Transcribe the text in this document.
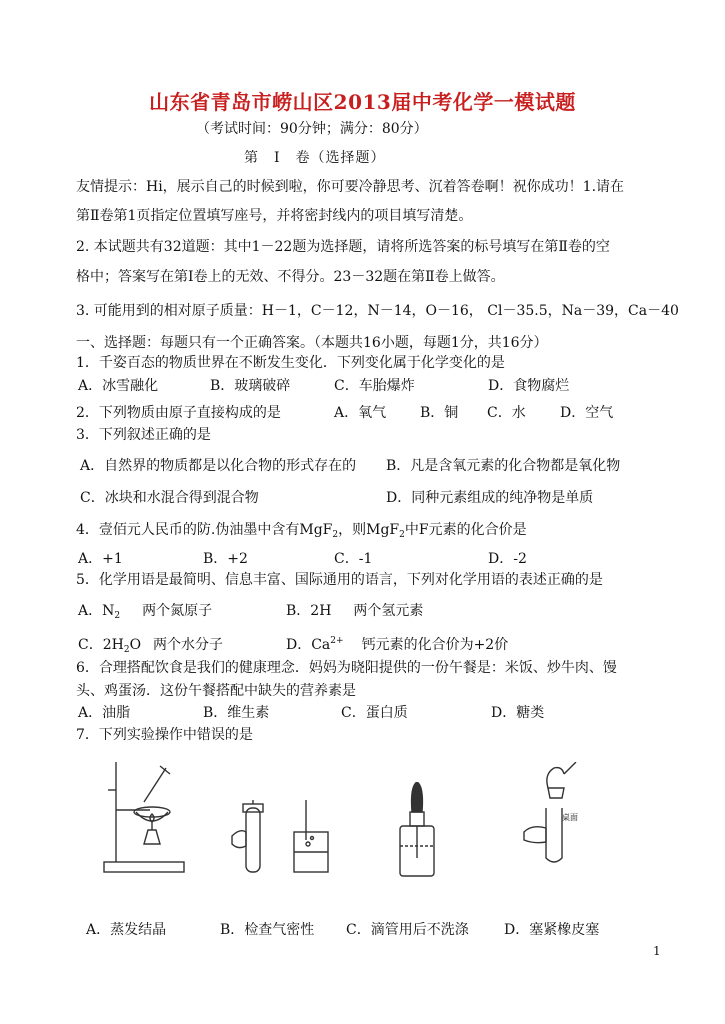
山东省青岛市崂山区2013届中考化学一模试题
（考试时间：90分钟；满分：80分）
第　Ⅰ　卷（选择题）
友情提示：Hi，展示自己的时候到啦，你可要冷静思考、沉着答卷啊！祝你成功！1.请在
第Ⅱ卷第1页指定位置填写座号，并将密封线内的项目填写清楚。
2. 本试题共有32道题：其中1－22题为选择题，请将所选答案的标号填写在第Ⅱ卷的空
格中；答案写在第Ⅰ卷上的无效、不得分。23－32题在第Ⅱ卷上做答。
3. 可能用到的相对原子质量：H－1，C－12，N－14，O－16， Cl－35.5，Na－39，Ca－40
一、选择题：每题只有一个正确答案。（本题共16小题，每题1分，共16分）
1．千姿百态的物质世界在不断发生变化．下列变化属于化学变化的是
A．冰雪融化	B．玻璃破碎	C．车胎爆炸	D．食物腐烂
2．下列物质由原子直接构成的是	A．氧气 B．铜 C．水 D．空气
3．下列叙述正确的是
A．自然界的物质都是以化合物的形式存在的 B．凡是含氧元素的化合物都是氧化物
C．冰块和水混合得到混合物	D．同种元素组成的纯净物是单质
4．壹佰元人民币的防.伪油墨中含有MgF$_2$，则MgF$_2$中F元素的化合价是
A．+1	B．+2	C．-1	D．-2
5．化学用语是最简明、信息丰富、国际通用的语言，下列对化学用语的表述正确的是
A．$N_2$ 两个氮原子	B．2H 两个氢元素
C．$2H_2O$ 两个水分子	D．$Ca^{2+}$ 钙元素的化合价为+2价
6．合理搭配饮食是我们的健康理念．妈妈为晓阳提供的一份午餐是：米饭、炒牛肉、馒
头、鸡蛋汤．这份午餐搭配中缺失的营养素是
A．油脂	B．维生素	C．蛋白质	D．糖类
7．下列实验操作中错误的是
桌面
A．蒸发结晶	B．检查气密性 C．滴管用后不洗涤	D．塞紧橡皮塞
1
